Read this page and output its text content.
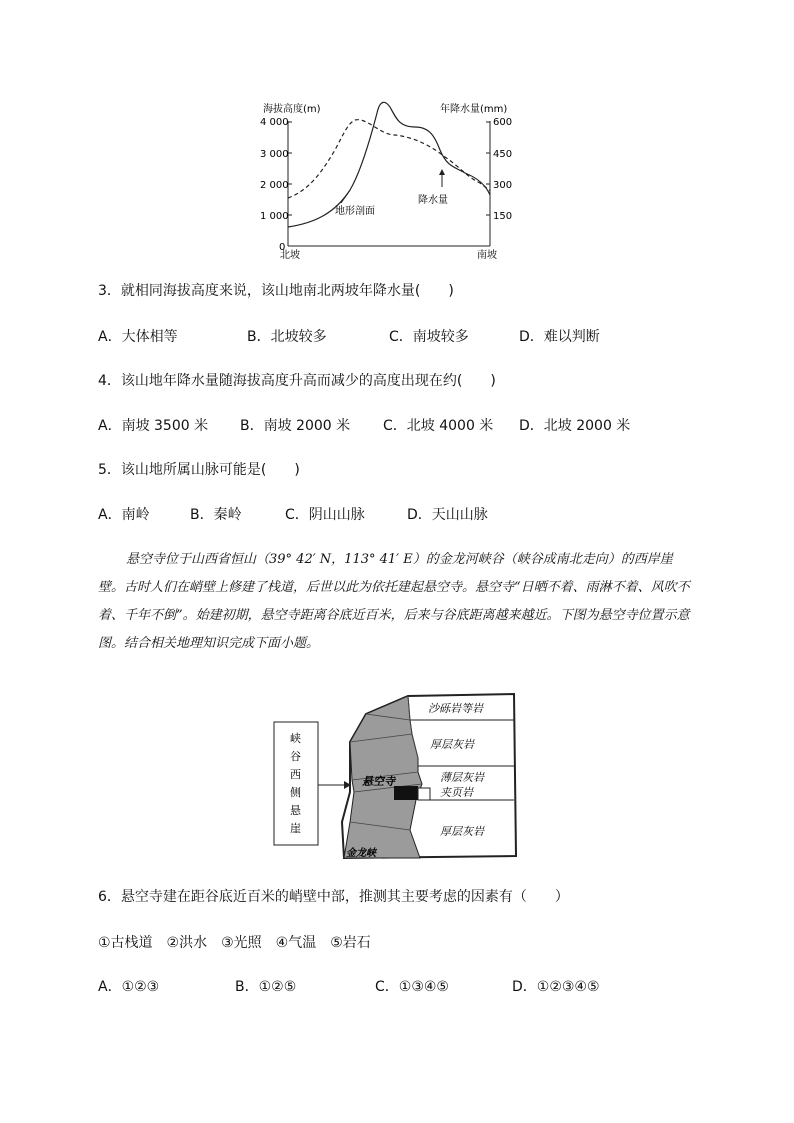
海拔高度(m)	年降水量(mm)
4 000
3 000
2 000
1 000
0
600
450
300
150
地形剖面
降水量
北坡	南坡
3．就相同海拔高度来说，该山地南北两坡年降水量(　　)
A．大体相等	B．北坡较多	C．南坡较多	D．难以判断
4．该山地年降水量随海拔高度升高而减少的高度出现在约(　　)
A．南坡 3500 米 B．南坡 2000 米 C．北坡 4000 米 D．北坡 2000 米
5．该山地所属山脉可能是(　　)
A．南岭	B．秦岭	C．阴山山脉	D．天山山脉
悬空寺位于山西省恒山（39° 42′ N，113° 41′ E）的金龙河峡谷（峡谷成南北走向）的西岸崖壁。古时人们在峭壁上修建了栈道，后世以此为依托建起悬空寺。悬空寺“日晒不着、雨淋不着、风吹不着、千年不倒”。始建初期，悬空寺距离谷底近百米，后来与谷底距离越来越近。下图为悬空寺位置示意图。结合相关地理知识完成下面小题。
峡
谷
西
侧
悬
崖
悬空寺
金龙峡
沙砾岩等岩
厚层灰岩
薄层灰岩
夹页岩
厚层灰岩
6．悬空寺建在距谷底近百米的峭壁中部，推测其主要考虑的因素有（　　）
①古栈道　②洪水　③光照　④气温　⑤岩石
A．①②③	B．①②⑤	C．①③④⑤	D．①②③④⑤
